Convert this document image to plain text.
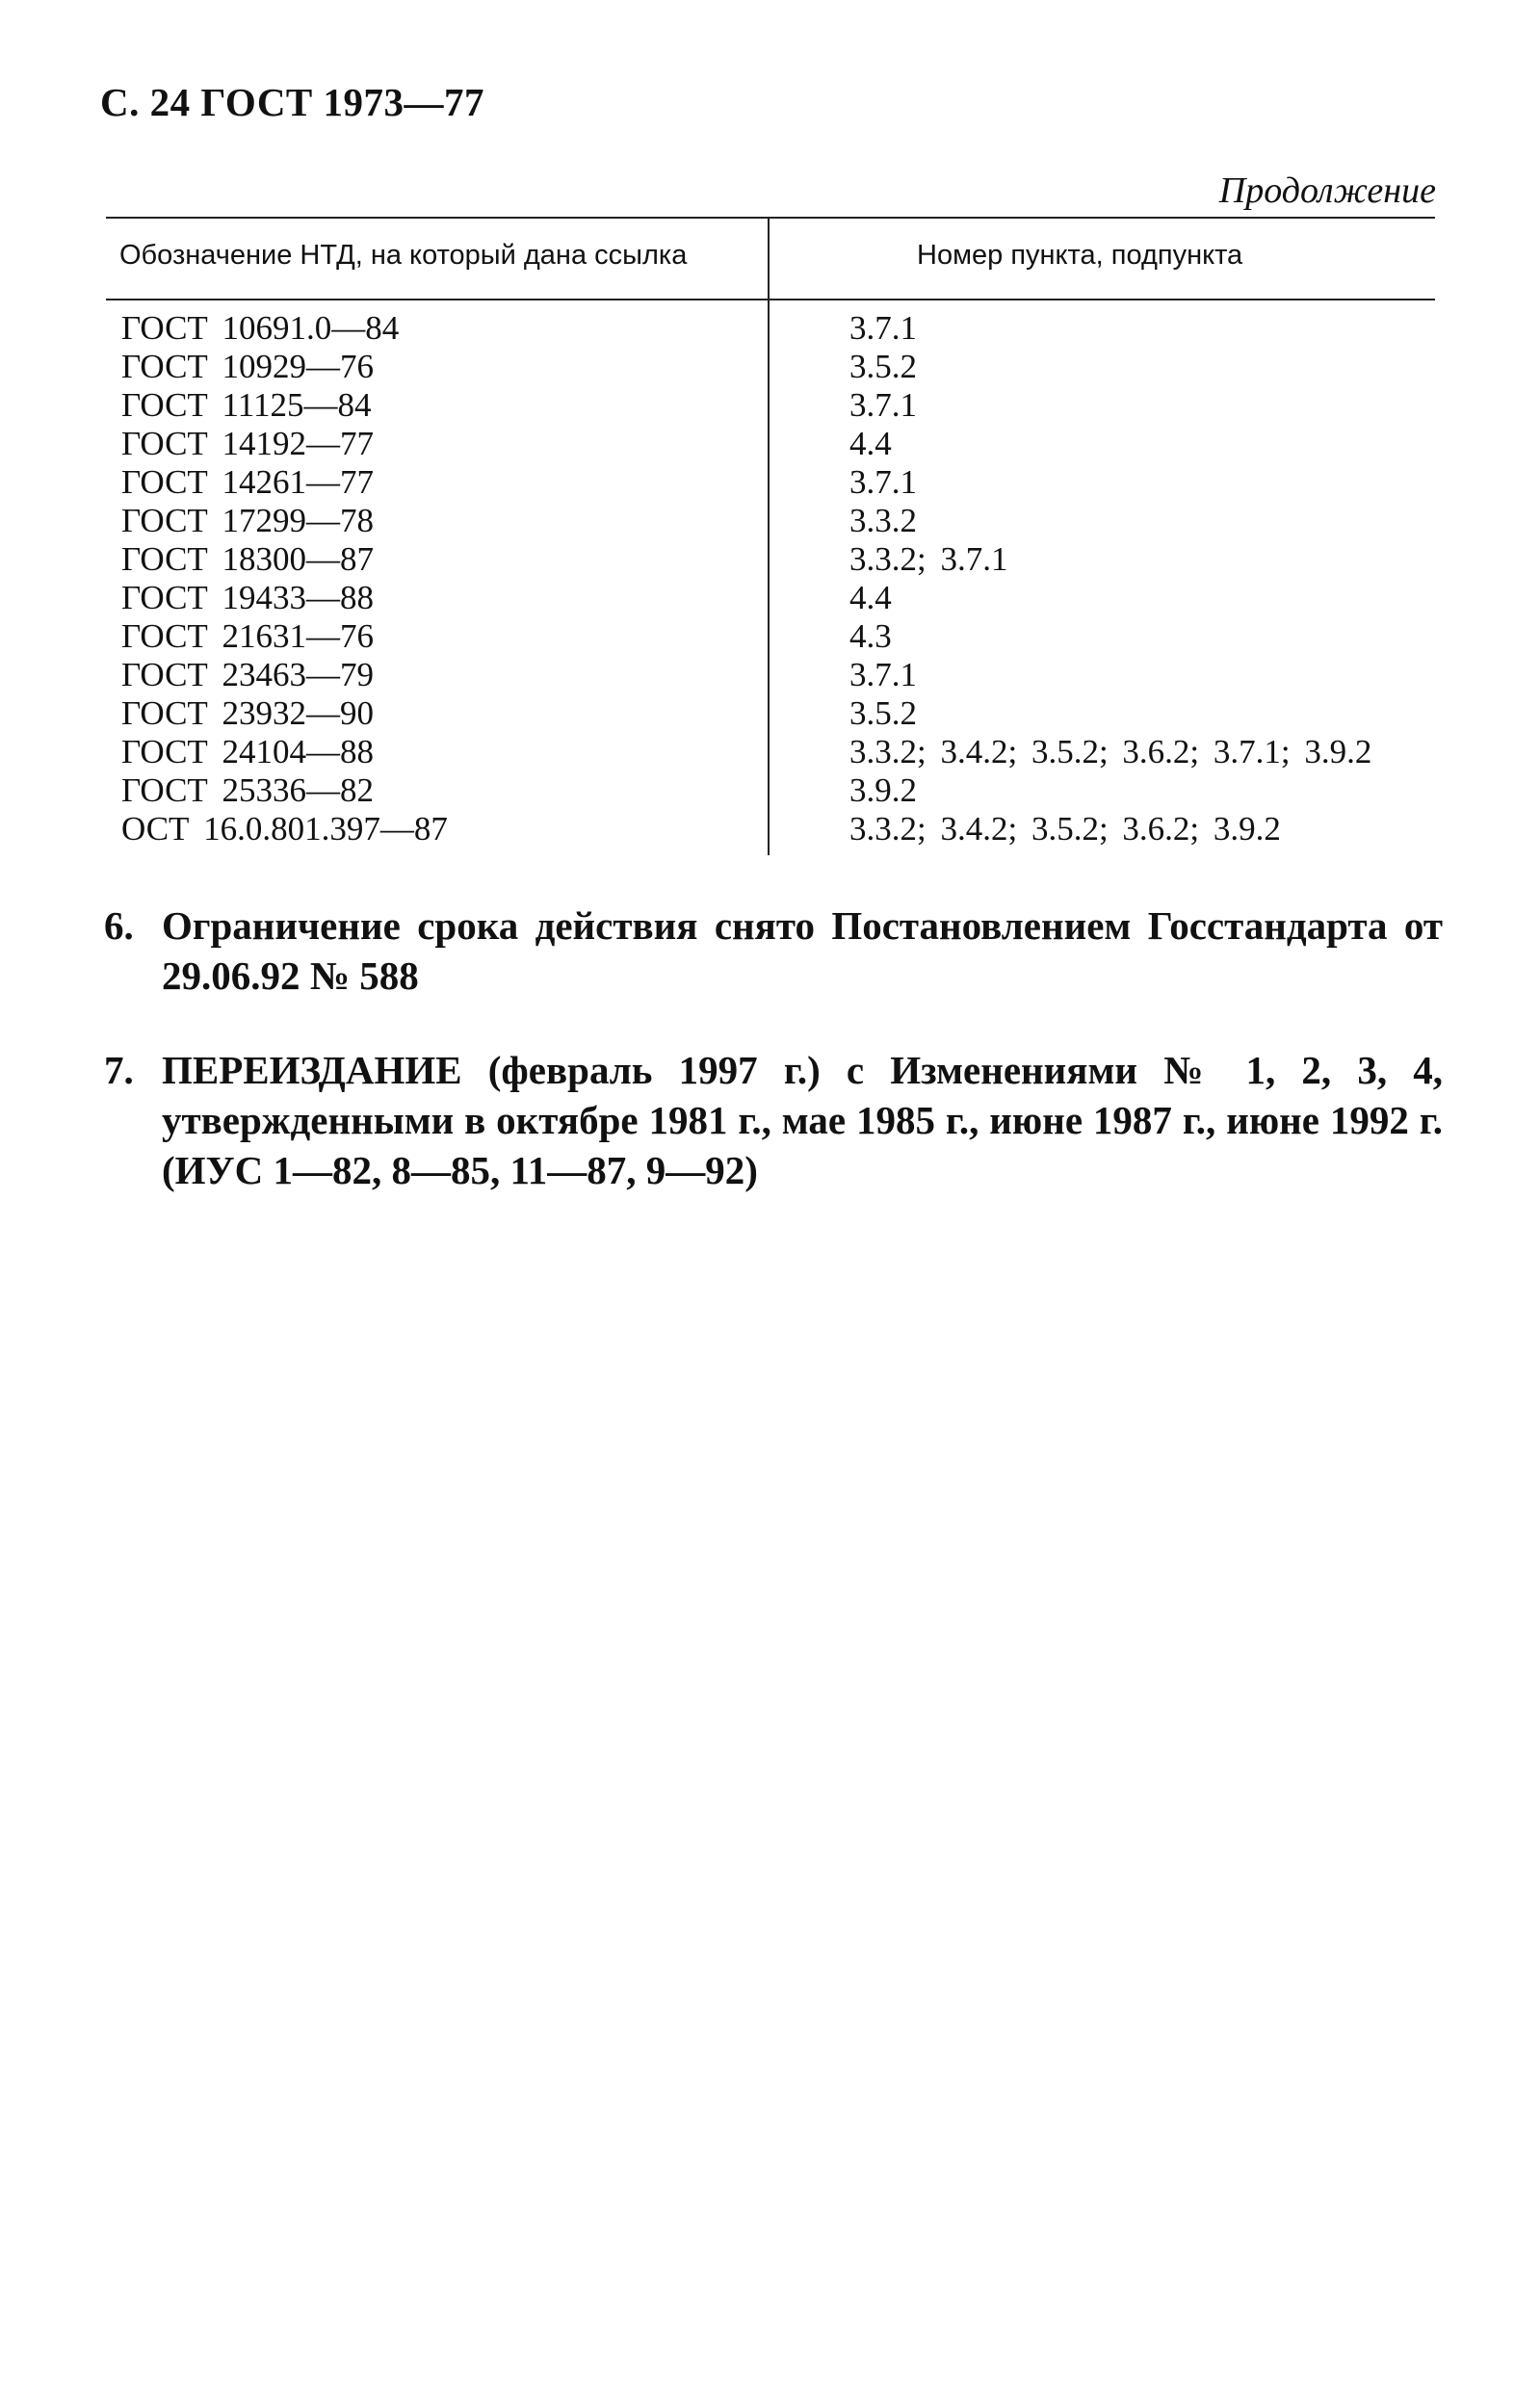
С. 24 ГОСТ 1973—77
Продолжение
Обозначение НТД, на который дана ссылка	Номер пункта, подпункта
ГОСТ 10691.0—84	3.7.1
ГОСТ 10929—76	3.5.2
ГОСТ 11125—84	3.7.1
ГОСТ 14192—77	4.4
ГОСТ 14261—77	3.7.1
ГОСТ 17299—78	3.3.2
ГОСТ 18300—87	3.3.2; 3.7.1
ГОСТ 19433—88	4.4
ГОСТ 21631—76	4.3
ГОСТ 23463—79	3.7.1
ГОСТ 23932—90	3.5.2
ГОСТ 24104—88	3.3.2; 3.4.2; 3.5.2; 3.6.2; 3.7.1; 3.9.2
ГОСТ 25336—82	3.9.2
ОСТ 16.0.801.397—87	3.3.2; 3.4.2; 3.5.2; 3.6.2; 3.9.2
6. Ограничение срока действия снято Постановлением Госстандарта от 29.06.92 № 588
7. ПЕРЕИЗДАНИЕ (февраль 1997 г.) с Изменениями № 1, 2, 3, 4, утвержденными в октябре 1981 г., мае 1985 г., июне 1987 г., июне 1992 г. (ИУС 1—82, 8—85, 11—87, 9—92)
